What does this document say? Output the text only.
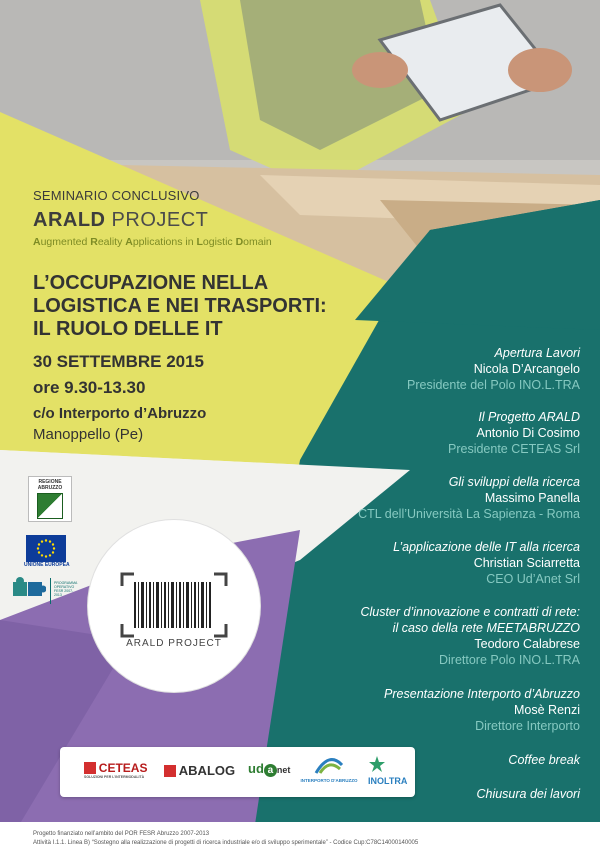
SEMINARIO CONCLUSIVO
ARALD PROJECT
Augmented Reality Applications in Logistic Domain
L’OCCUPAZIONE NELLA
LOGISTICA E NEI TRASPORTI:
IL RUOLO DELLE IT
30 SETTEMBRE 2015
ore 9.30-13.30
c/o Interporto d’Abruzzo
Manoppello (Pe)
Apertura Lavori
Nicola D’Arcangelo
Presidente del Polo INO.L.TRA
Il Progetto ARALD
Antonio Di Cosimo
Presidente CETEAS Srl
Gli sviluppi della ricerca
Massimo Panella
CTL dell’Università La Sapienza - Roma
L’applicazione delle IT alla ricerca
Christian Sciarretta
CEO Ud’Anet Srl
Cluster d’innovazione e contratti di rete:
il caso della rete MEETABRUZZO
Teodoro Calabrese
Direttore Polo INO.L.TRA
Presentazione Interporto d’Abruzzo
Mosè Renzi
Direttore Interporto
Coffee break
Chiusura dei lavori
REGIONE ABRUZZO
UNIONE EUROPEA
PROGRAMMA OPERATIVO FESR 2007-2013
ARALD PROJECT
CETEAS
SOLUZIONI PER L'INTERMODALITÀ	ABALOG ud a net
INTERPORTO D'ABRUZZO INOLTRA
Progetto finanziato nell’ambito del POR FESR Abruzzo 2007-2013
Attività I.1.1. Linea B) “Sostegno alla realizzazione di progetti di ricerca industriale e/o di sviluppo sperimentale” - Codice Cup:C78C14000140005
